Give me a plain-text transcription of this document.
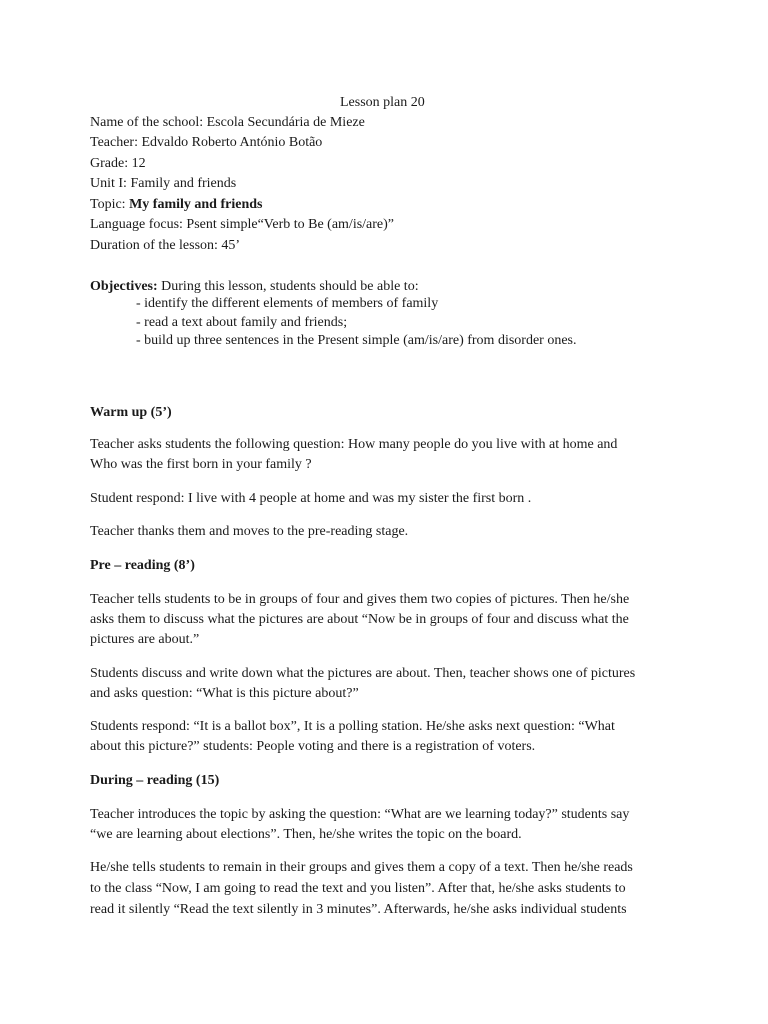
Lesson plan 20
Name of the school: Escola Secundária de Mieze
Teacher: Edvaldo Roberto António Botão
Grade: 12
Unit I: Family and friends
Topic: My family and friends
Language focus: Psent simple“Verb to Be (am/is/are)”
Duration of the lesson: 45’
Objectives: During this lesson, students should be able to:
- identify the different elements of members of family
- read a text about family and friends;
- build up three sentences in the Present simple (am/is/are) from disorder ones.
Warm up (5’)
Teacher asks students the following question: How many people do you live with at home and
Who was the first born in your family ?
Student respond: I live with 4 people at home and was my sister the first born .
Teacher thanks them and moves to the pre-reading stage.
Pre – reading (8’)
Teacher tells students to be in groups of four and gives them two copies of pictures. Then he/she
asks them to discuss what the pictures are about “Now be in groups of four and discuss what the
pictures are about.”
Students discuss and write down what the pictures are about. Then, teacher shows one of pictures
and asks question: “What is this picture about?”
Students respond: “It is a ballot box”, It is a polling station. He/she asks next question: “What
about this picture?” students: People voting and there is a registration of voters.
During – reading (15)
Teacher introduces the topic by asking the question: “What are we learning today?” students say
“we are learning about elections”. Then, he/she writes the topic on the board.
He/she tells students to remain in their groups and gives them a copy of a text. Then he/she reads
to the class “Now, I am going to read the text and you listen”. After that, he/she asks students to
read it silently “Read the text silently in 3 minutes”. Afterwards, he/she asks individual students
